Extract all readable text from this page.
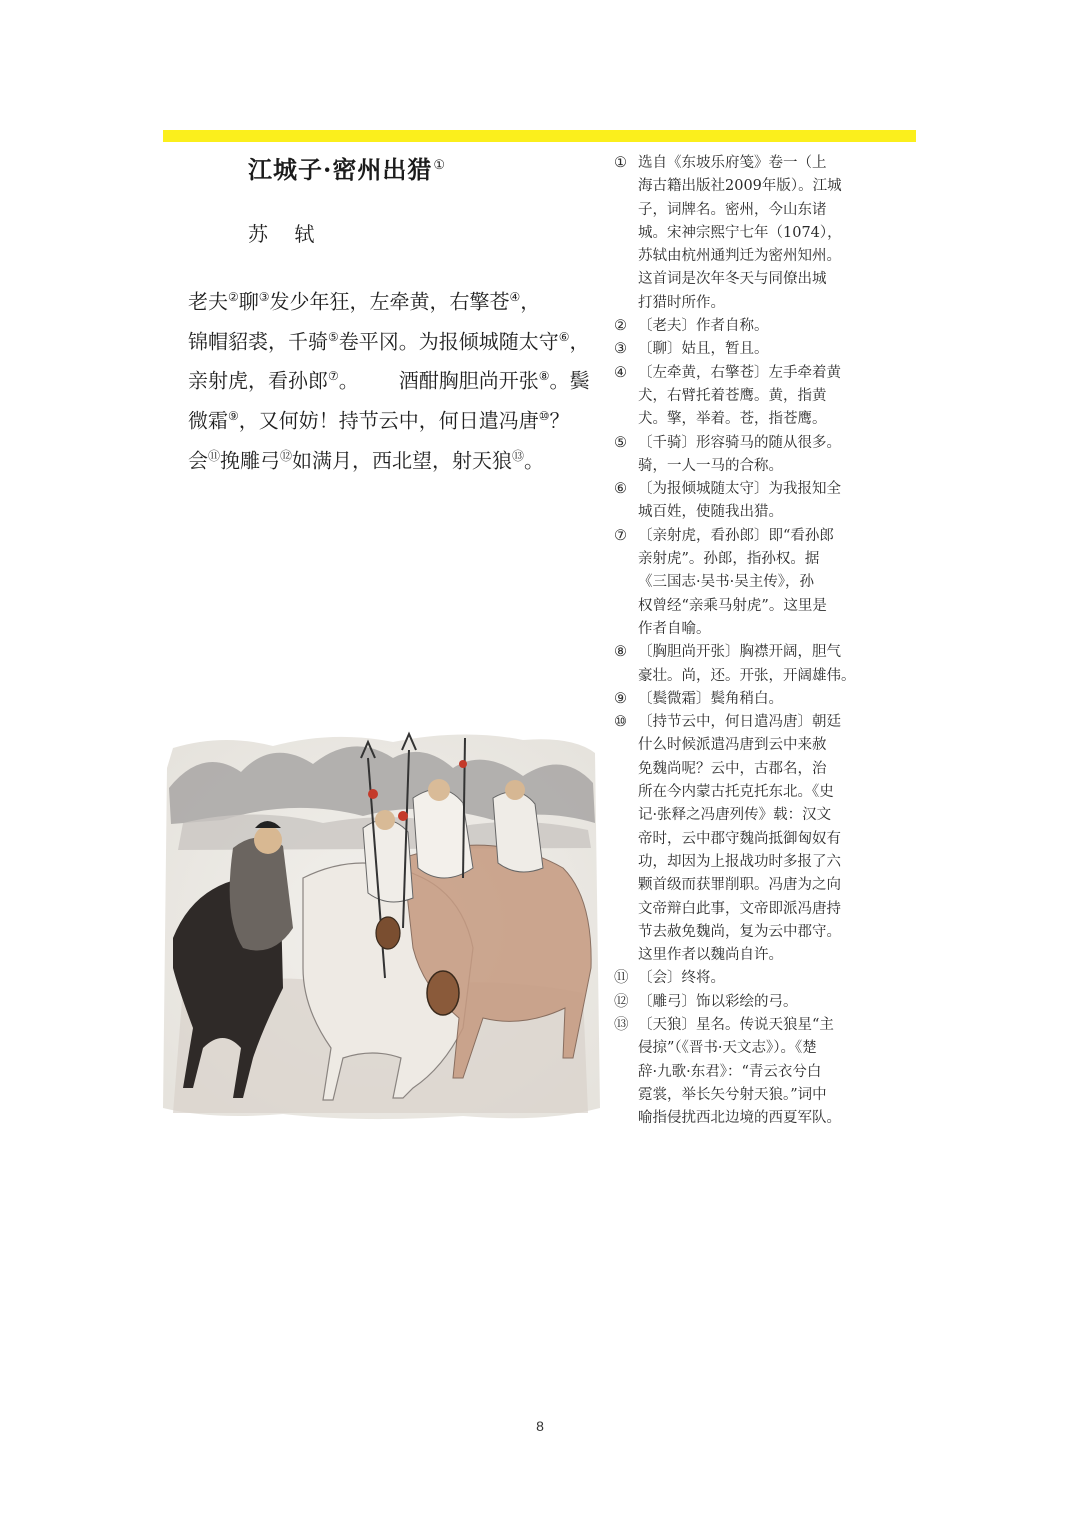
江城子·密州出猎①
苏 轼
老夫②聊③发少年狂，左牵黄，右擎苍④，
锦帽貂裘，千骑⑤卷平冈。为报倾城随太守⑥，
亲射虎，看孙郎⑦。 酒酣胸胆尚开张⑧。鬓
微霜⑨，又何妨！持节云中，何日遣冯唐⑩？
会⑪挽雕弓⑫如满月，西北望，射天狼⑬。
① 选自《东坡乐府笺》卷一（上
海古籍出版社2009年版）。江城
子，词牌名。密州，今山东诸
城。宋神宗熙宁七年（1074），
苏轼由杭州通判迁为密州知州。
这首词是次年冬天与同僚出城
打猎时所作。
② 〔老夫〕作者自称。
③ 〔聊〕姑且，暂且。
④ 〔左牵黄，右擎苍〕左手牵着黄
犬，右臂托着苍鹰。黄，指黄
犬。擎，举着。苍，指苍鹰。
⑤ 〔千骑〕形容骑马的随从很多。
骑，一人一马的合称。
⑥ 〔为报倾城随太守〕为我报知全
城百姓，使随我出猎。
⑦ 〔亲射虎，看孙郎〕即“看孙郎
亲射虎”。孙郎，指孙权。据
《三国志·吴书·吴主传》，孙
权曾经“亲乘马射虎”。这里是
作者自喻。
⑧ 〔胸胆尚开张〕胸襟开阔，胆气
豪壮。尚，还。开张，开阔雄伟。
⑨ 〔鬓微霜〕鬓角稍白。
⑩ 〔持节云中，何日遣冯唐〕朝廷
什么时候派遣冯唐到云中来赦
免魏尚呢？云中，古郡名，治
所在今内蒙古托克托东北。《史
记·张释之冯唐列传》载：汉文
帝时，云中郡守魏尚抵御匈奴有
功，却因为上报战功时多报了六
颗首级而获罪削职。冯唐为之向
文帝辩白此事，文帝即派冯唐持
节去赦免魏尚，复为云中郡守。
这里作者以魏尚自许。
⑪ 〔会〕终将。
⑫ 〔雕弓〕饰以彩绘的弓。
⑬ 〔天狼〕星名。传说天狼星“主
侵掠”（《晋书·天文志》）。《楚
辞·九歌·东君》：“青云衣兮白
霓裳，举长矢兮射天狼。”词中
喻指侵扰西北边境的西夏军队。
8
